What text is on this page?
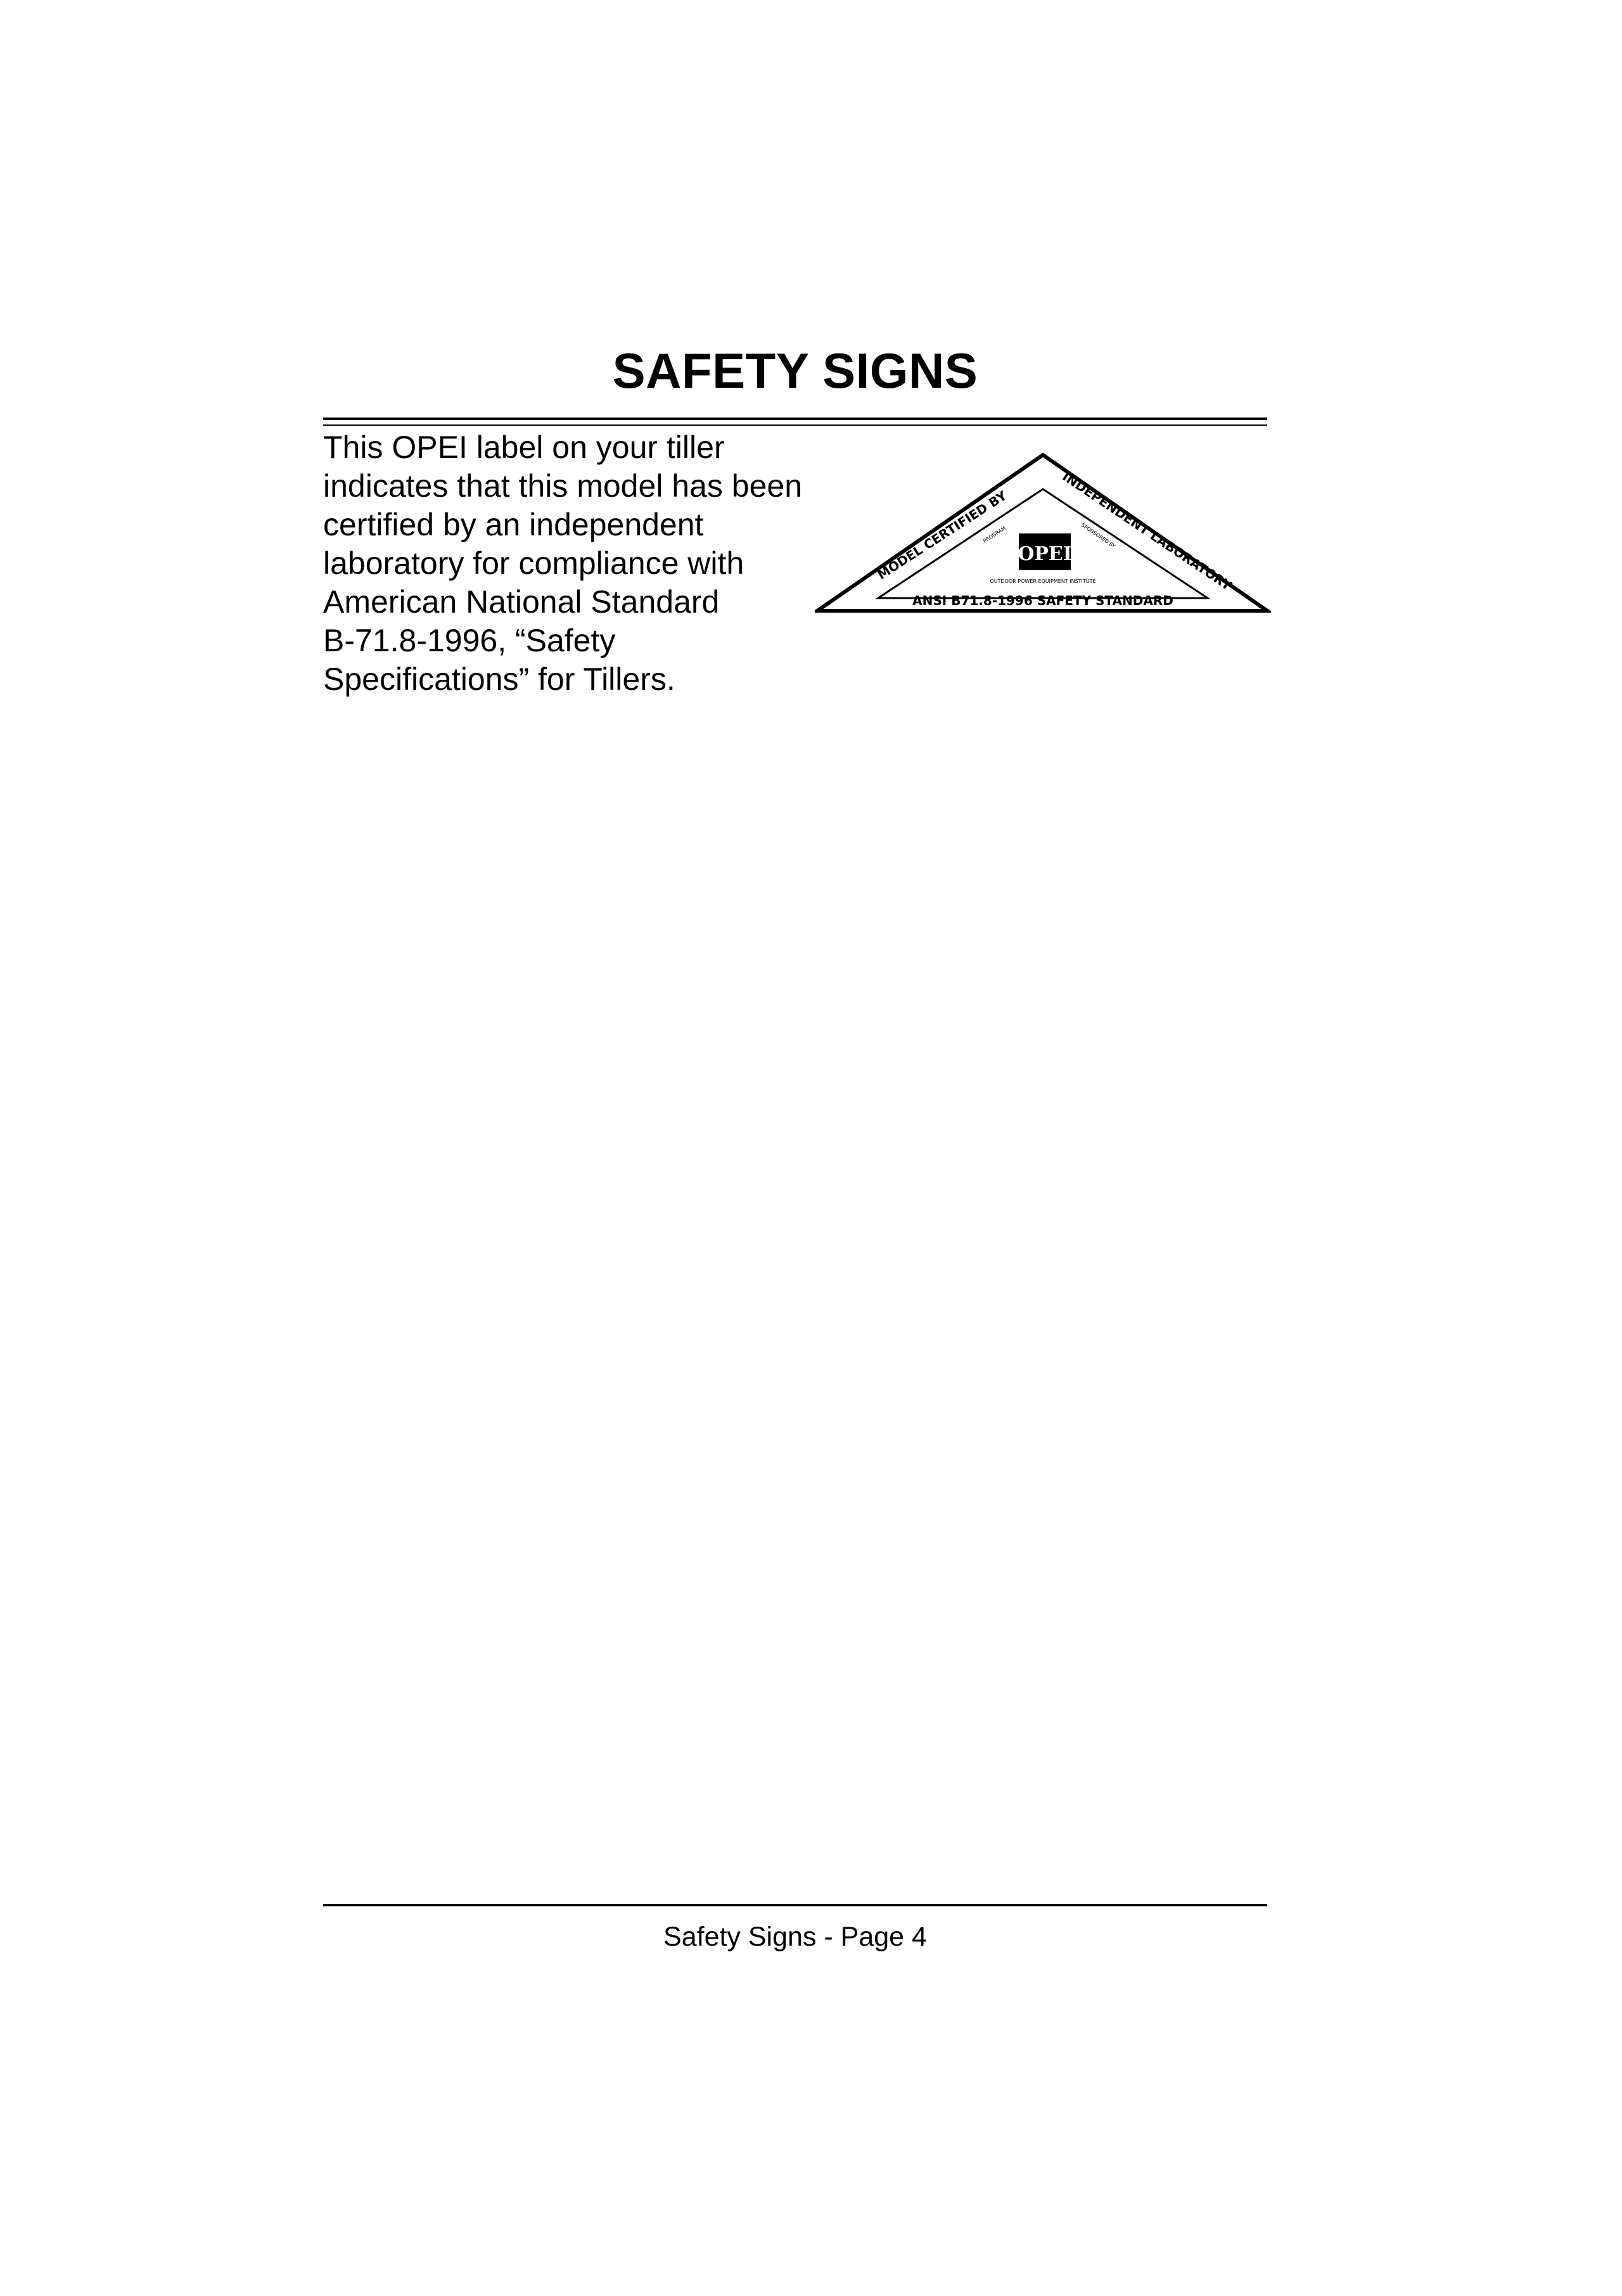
SAFETY SIGNS
This OPEI label on your tiller
indicates that this model has been
certified by an independent
laboratory for compliance with
American National Standard
B-71.8-1996, “Safety
Specifications” for Tillers.
MODEL CERTIFIED BY
INDEPENDENT LABORATORY
PROGRAM	SPONSORED BY
OPEI
OUTDOOR POWER EQUIPMENT INSTITUTE
ANSI B71.8-1996 SAFETY STANDARD
Safety Signs - Page 4
